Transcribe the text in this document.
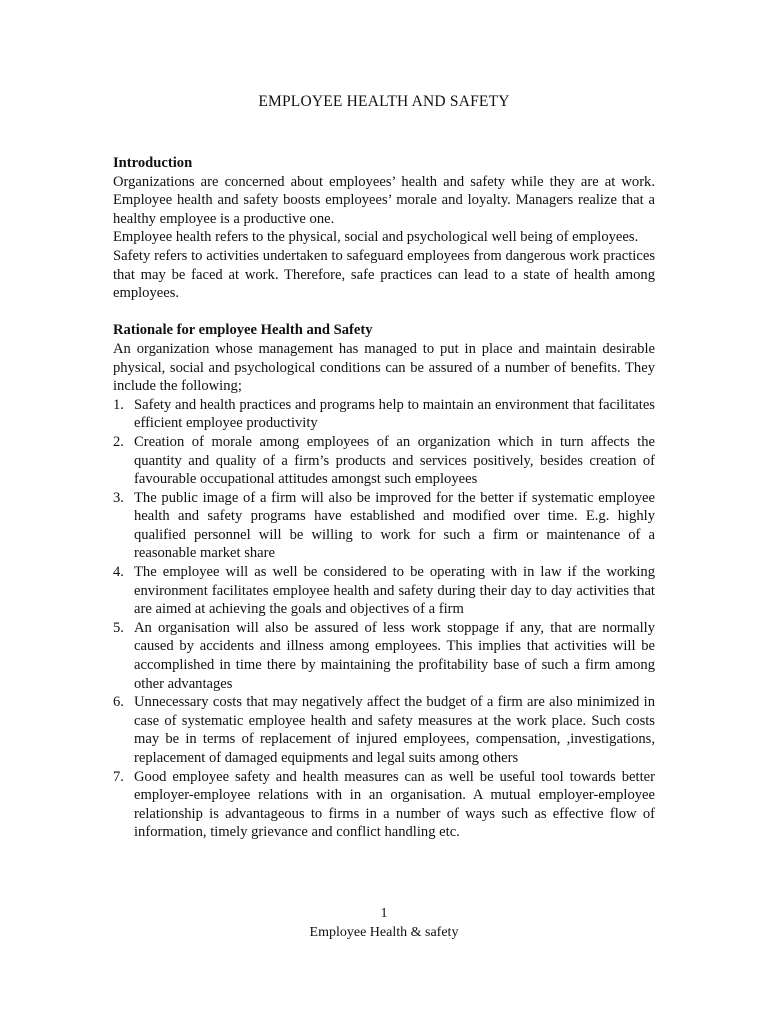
EMPLOYEE HEALTH AND SAFETY
Introduction

Organizations are concerned about employees’ health and safety while they are at work. Employee health and safety boosts employees’ morale and loyalty. Managers realize that a healthy employee is a productive one.

Employee health refers to the physical, social and psychological well being of employees.

Safety refers to activities undertaken to safeguard employees from dangerous work practices that may be faced at work. Therefore, safe practices can lead to a state of health among employees.

Rationale for employee Health and Safety

An organization whose management has managed to put in place and maintain desirable physical, social and psychological conditions can be assured of a number of benefits. They include the following;

1. Safety and health practices and programs help to maintain an environment that facilitates efficient employee productivity
2. Creation of morale among employees of an organization which in turn affects the quantity and quality of a firm’s products and services positively, besides creation of favourable occupational attitudes amongst such employees
3. The public image of a firm will also be improved for the better if systematic employee health and safety programs have established and modified over time. E.g. highly qualified personnel will be willing to work for such a firm or maintenance of a reasonable market share
4. The employee will as well be considered to be operating with in law if the working environment facilitates employee health and safety during their day to day activities that are aimed at achieving the goals and objectives of a firm
5. An organisation will also be assured of less work stoppage if any, that are normally caused by accidents and illness among employees. This implies that activities will be accomplished in time there by maintaining the profitability base of such a firm among other advantages
6. Unnecessary costs that may negatively affect the budget of a firm are also minimized in case of systematic employee health and safety measures at the work place. Such costs may be in terms of replacement of injured employees, compensation, ,investigations, replacement of damaged equipments and legal suits among others
7. Good employee safety and health measures can as well be useful tool towards better employer-employee relations with in an organisation. A mutual employer-employee relationship is advantageous to firms in a number of ways such as effective flow of information, timely grievance and conflict handling etc.
1
Employee Health & safety
